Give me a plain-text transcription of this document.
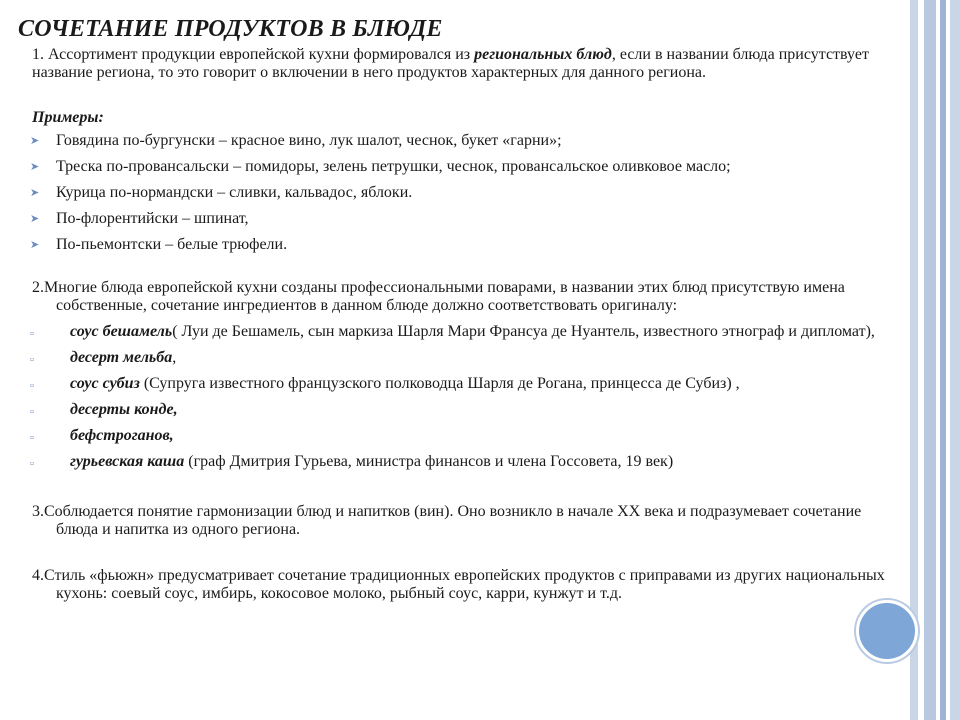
СОЧЕТАНИЕ ПРОДУКТОВ В БЛЮДЕ

1. Ассортимент продукции европейской кухни формировался из региональных блюд, если в названии блюда присутствует название региона, то это говорит о включении в него продуктов характерных для данного региона.

Примеры:

➤ Говядина по-бургунски – красное вино, лук шалот, чеснок, букет «гарни»;
➤ Треска по-провансальски – помидоры, зелень петрушки, чеснок, провансальское оливковое масло;
➤ Курица по-нормандски – сливки, кальвадос, яблоки.
➤ По-флорентийски – шпинат,
➤ По-пьемонтски – белые трюфели.

2.Многие блюда европейской кухни созданы профессиональными поварами, в названии этих блюд присутствую имена собственные, сочетание ингредиентов в данном блюде должно соответствовать оригиналу:

▫ соус бешамель( Луи де Бешамель, сын маркиза Шарля Мари Франсуа де Нуантель, известного этнограф и дипломат),
▫ десерт мельба,
▫ соус субиз (Супруга известного французского полководца Шарля де Рогана, принцесса де Субиз) ,
▫ десерты конде,
▫ бефстроганов,
▫ гурьевская каша (граф Дмитрия Гурьева, министра финансов и члена Госсовета, 19 век)

3.Соблюдается понятие гармонизации блюд и напитков (вин). Оно возникло в начале ХХ века и подразумевает сочетание блюда и напитка из одного региона.

4.Стиль «фьюжн» предусматривает сочетание традиционных европейских продуктов с приправами из других национальных кухонь: соевый соус, имбирь, кокосовое молоко, рыбный соус, карри, кунжут и т.д.
